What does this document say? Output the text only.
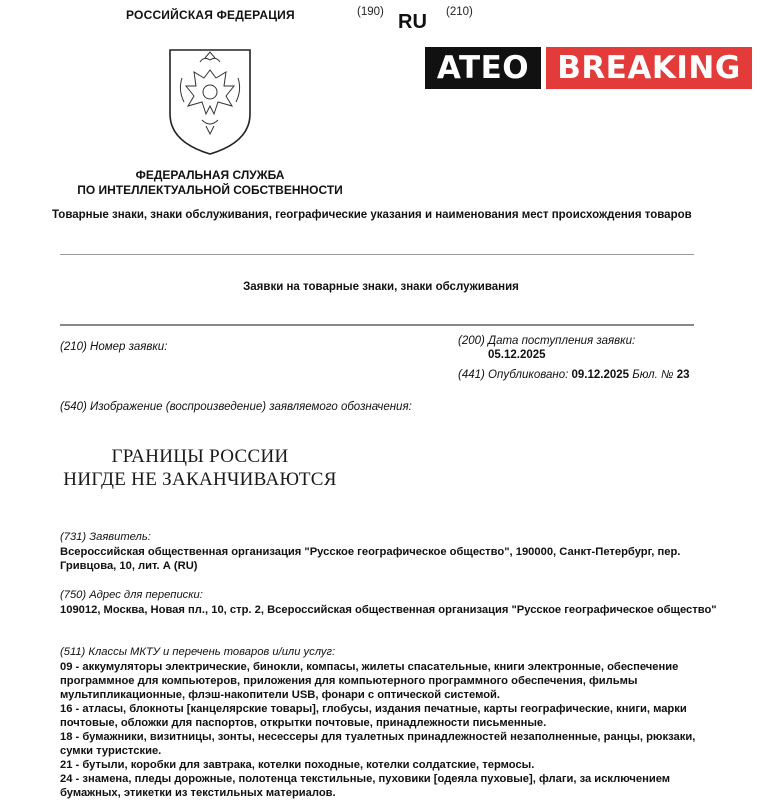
РОССИЙСКАЯ ФЕДЕРАЦИЯ	(190) RU (210)
ATEO BREAKING
ФЕДЕРАЛЬНАЯ СЛУЖБА
ПО ИНТЕЛЛЕКТУАЛЬНОЙ СОБСТВЕННОСТИ
Товарные знаки, знаки обслуживания, географические указания и наименования мест происхождения товаров
Заявки на товарные знаки, знаки обслуживания
(210) Номер заявки:	(200) Дата поступления заявки:
05.12.2025
(441) Опубликовано: 09.12.2025 Бюл. № 23
(540) Изображение (воспроизведение) заявляемого обозначения:
ГРАНИЦЫ РОССИИ
НИГДЕ НЕ ЗАКАНЧИВАЮТСЯ
(731) Заявитель:
Всероссийская общественная организация "Русское географическое общество", 190000, Санкт-Петербург, пер. Гривцова, 10, лит. А (RU)
(750) Адрес для переписки:
109012, Москва, Новая пл., 10, стр. 2, Всероссийская общественная организация "Русское географическое общество"
(511) Классы МКТУ и перечень товаров и/или услуг:
09 - аккумуляторы электрические, бинокли, компасы, жилеты спасательные, книги электронные, обеспечение программное для компьютеров, приложения для компьютерного программного обеспечения, фильмы мультипликационные, флэш-накопители USB, фонари с оптической системой.
16 - атласы, блокноты [канцелярские товары], глобусы, издания печатные, карты географические, книги, марки почтовые, обложки для паспортов, открытки почтовые, принадлежности письменные.
18 - бумажники, визитницы, зонты, несессеры для туалетных принадлежностей незаполненные, ранцы, рюкзаки, сумки туристские.
21 - бутыли, коробки для завтрака, котелки походные, котелки солдатские, термосы.
24 - знамена, пледы дорожные, полотенца текстильные, пуховики [одеяла пуховые], флаги, за исключением бумажных, этикетки из текстильных материалов.
